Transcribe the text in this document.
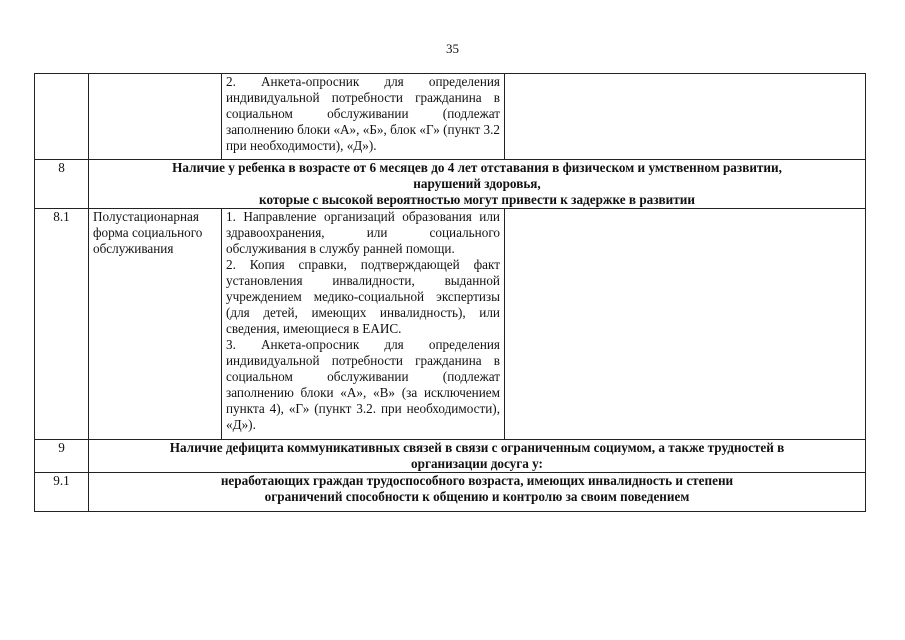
35

		2. Анкета-опросник для определения индивидуальной потребности гражданина в социальном обслуживании (подлежат заполнению блоки «А», «Б», блок «Г» (пункт 3.2 при необходимости), «Д»).	

8	Наличие у ребенка в возрасте от 6 месяцев до 4 лет отставания в физическом и умственном развитии,
нарушений здоровья,
которые с высокой вероятностью могут привести к задержке в развитии		

8.1	Полустационарная форма социального обслуживания	1. Направление организаций образования или здравоохранения, или социального обслуживания в службу ранней помощи.

2. Копия справки, подтверждающей факт установления инвалидности, выданной учреждением медико-социальной экспертизы (для детей, имеющих инвалидность), или сведения, имеющиеся в ЕАИС.

3. Анкета-опросник для определения индивидуальной потребности гражданина в социальном обслуживании (подлежат заполнению блоки «А», «В» (за исключением пункта 4), «Г» (пункт 3.2. при необходимости), «Д»).	

9	Наличие дефицита коммуникативных связей в связи с ограниченным социумом, а также трудностей в
организации досуга у:		

9.1	неработающих граждан трудоспособного возраста, имеющих инвалидность и степени
ограничений способности к общению и контролю за своим поведением		
